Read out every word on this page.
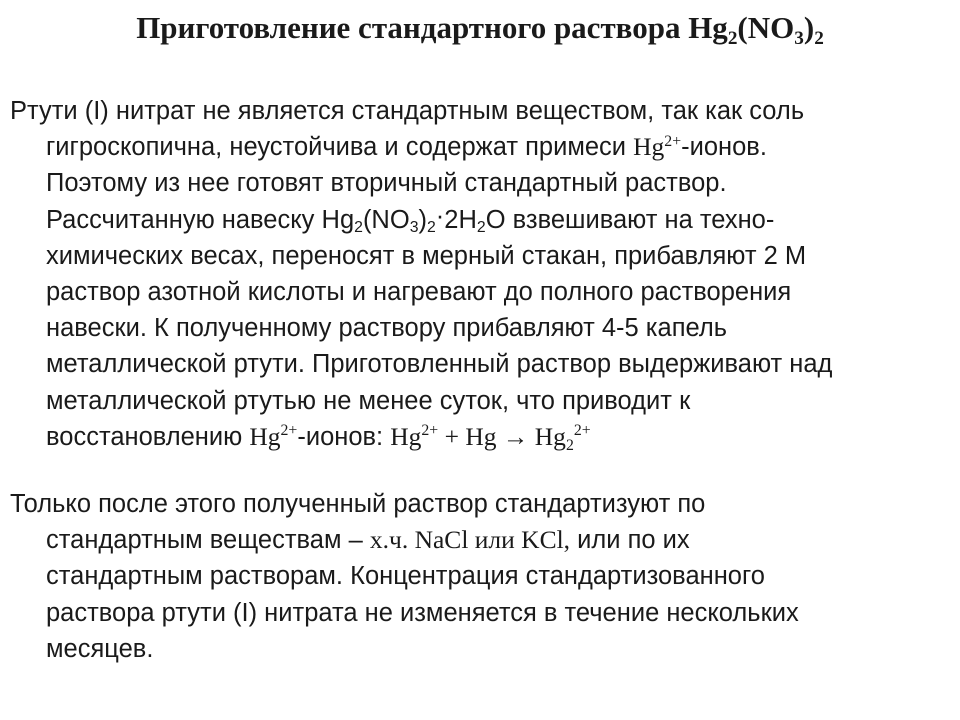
Приготовление стандартного раствора $Hg_2(NO_3)_2$
Ртути (I) нитрат не является стандартным веществом, так как соль
гигроскопична, неустойчива и содержат примеси $Hg^{2+}$-ионов.
Поэтому из нее готовят вторичный стандартный раствор.
Рассчитанную навеску $Hg_2(NO_3)_2\cdot 2H_2O$ взвешивают на техно-
химических весах, переносят в мерный стакан, прибавляют 2 М
раствор азотной кислоты и нагревают до полного растворения
навески. К полученному раствору прибавляют 4-5 капель
металлической ртути. Приготовленный раствор выдерживают над
металлической ртутью не менее суток, что приводит к
восстановлению $Hg^{2+}$-ионов: $Hg^{2+} + Hg \to Hg_2^{2+}$
Только после этого полученный раствор стандартизуют по
стандартным веществам – х.ч. NaCl или KCl, или по их
стандартным растворам. Концентрация стандартизованного
раствора ртути (I) нитрата не изменяется в течение нескольких
месяцев.
